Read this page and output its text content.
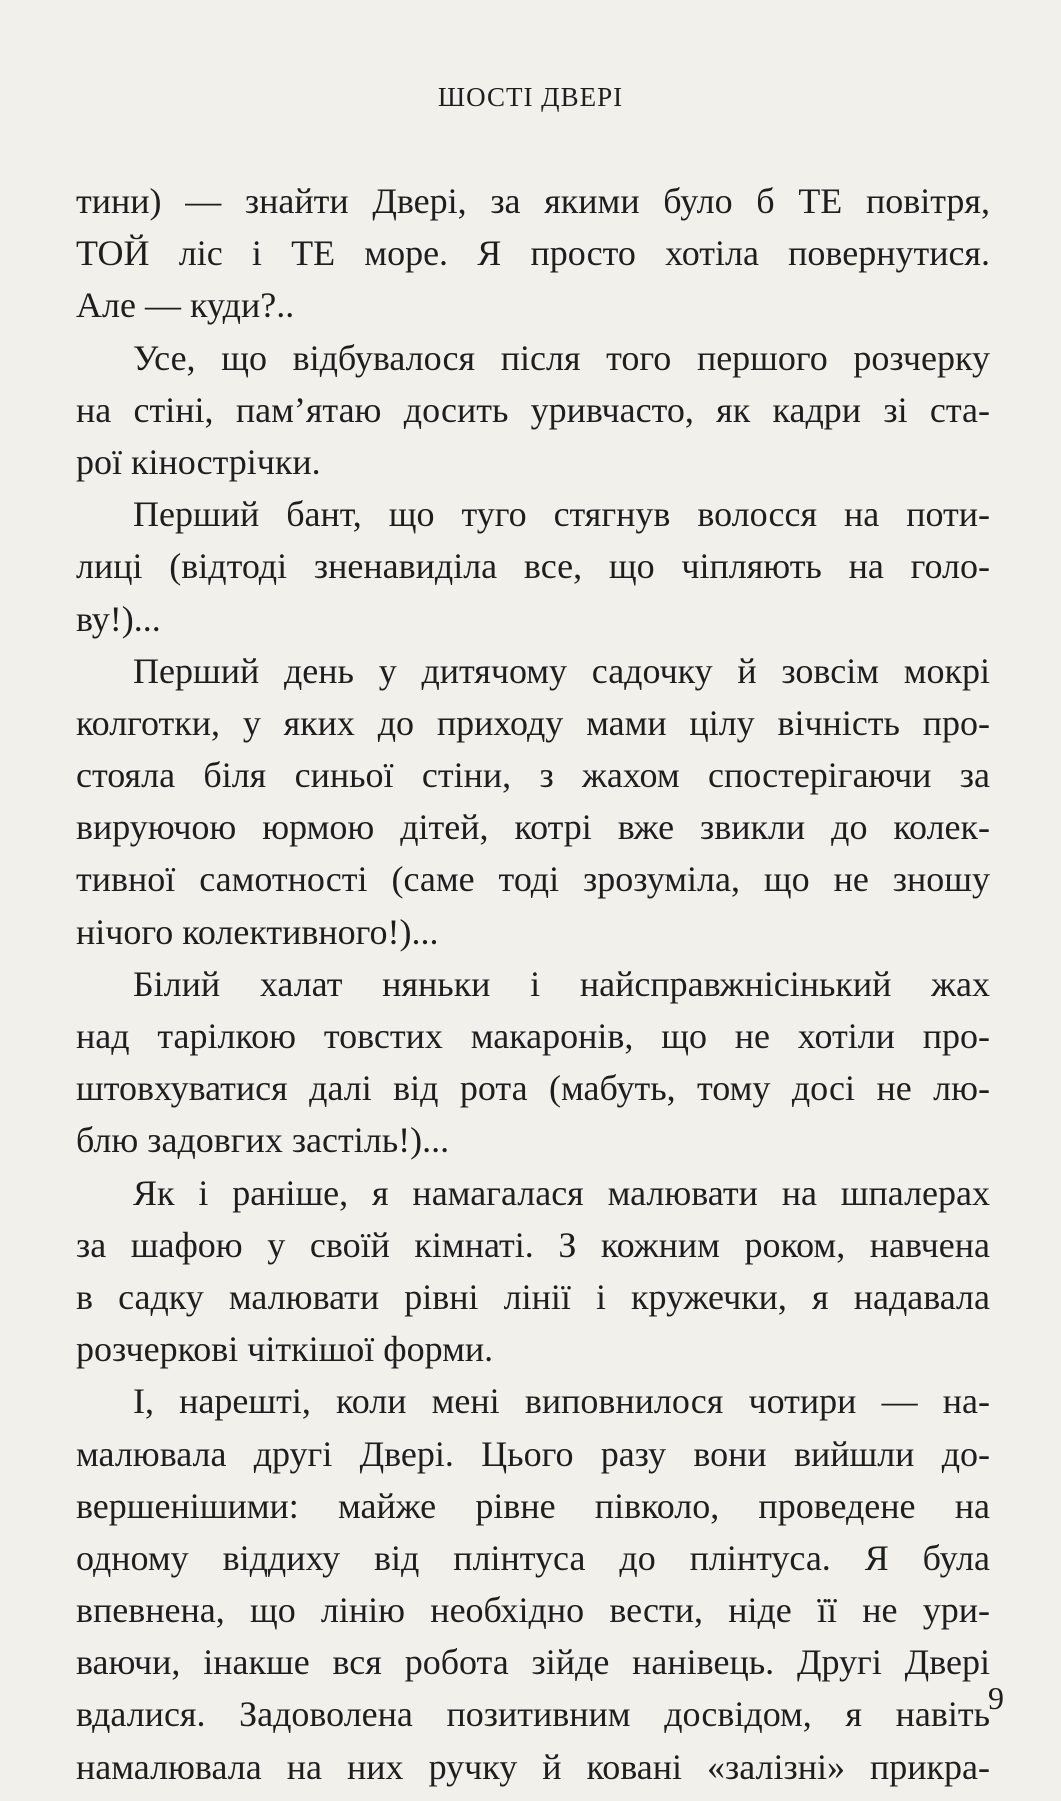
ШОСТІ ДВЕРІ
тини) — знайти Двері, за якими було б ТЕ повітря,
ТОЙ ліс і ТЕ море. Я просто хотіла повернутися.
Але — куди?..
Усе, що відбувалося після того першого розчерку
на стіні, пам’ятаю досить уривчасто, як кадри зі ста-
рої кінострічки.
Перший бант, що туго стягнув волосся на поти-
лиці (відтоді зненавиділа все, що чіпляють на голо-
ву!)...
Перший день у дитячому садочку й зовсім мокрі
колготки, у яких до приходу мами цілу вічність про-
стояла біля синьої стіни, з жахом спостерігаючи за
вируючою юрмою дітей, котрі вже звикли до колек-
тивної самотності (саме тоді зрозуміла, що не зношу
нічого колективного!)...
Білий халат няньки і найсправжнісінький жах
над тарілкою товстих макаронів, що не хотіли про-
штовхуватися далі від рота (мабуть, тому досі не лю-
блю задовгих застіль!)...
Як і раніше, я намагалася малювати на шпалерах
за шафою у своїй кімнаті. З кожним роком, навчена
в садку малювати рівні лінії і кружечки, я надавала
розчеркові чіткішої форми.
І, нарешті, коли мені виповнилося чотири — на-
малювала другі Двері. Цього разу вони вийшли до-
вершенішими: майже рівне півколо, проведене на
одному віддиху від плінтуса до плінтуса. Я була
впевнена, що лінію необхідно вести, ніде її не ури-
ваючи, інакше вся робота зійде нанівець. Другі Двері
вдалися. Задоволена позитивним досвідом, я навіть
намалювала на них ручку й ковані «залізні» прикра-
9
